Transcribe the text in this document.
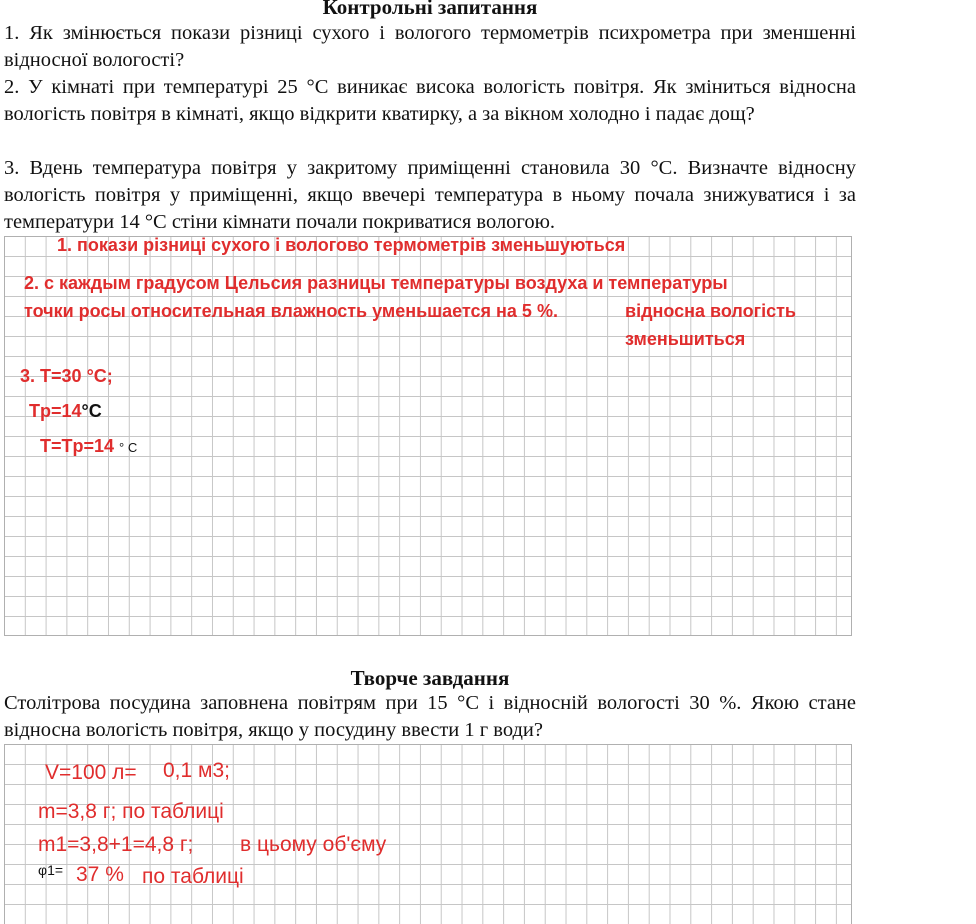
Контрольні запитання

1. Як змінюється покази різниці сухого і вологого термометрів психрометра при зменшенні відносної вологості?

2. У кімнаті при температурі 25 °С виникає висока вологість повітря. Як зміниться відносна вологість повітря в кімнаті, якщо відкрити кватирку, а за вікном холодно і падає дощ?

3. Вдень температура повітря у закритому приміщенні становила 30 °С. Визначте відносну вологість повітря у приміщенні, якщо ввечері температура в ньому почала знижуватися і за температури 14 °С стіни кімнати почали покриватися вологою.

1. покази різниці сухого і вологово термометрів зменьшуються
2. с каждым градусом Цельсия разницы температуры воздуха и температуры
точки росы относительная влажность уменьшается на 5 %.	відносна вологість
зменьшиться
3. T=30 °C;
Tp=14°C
T=Tp=14 ° C
Творче завдання

Столітрова посудина заповнена повітрям при 15 °С і відносній вологості 30 %. Якою стане відносна вологість повітря, якщо у посудину ввести 1 г води?

V=100 л= 0,1 м3;
m=3,8 г; по таблиці
m1=3,8+1=4,8 г; в цьому об'єму
φ1= 37 % по таблиці
